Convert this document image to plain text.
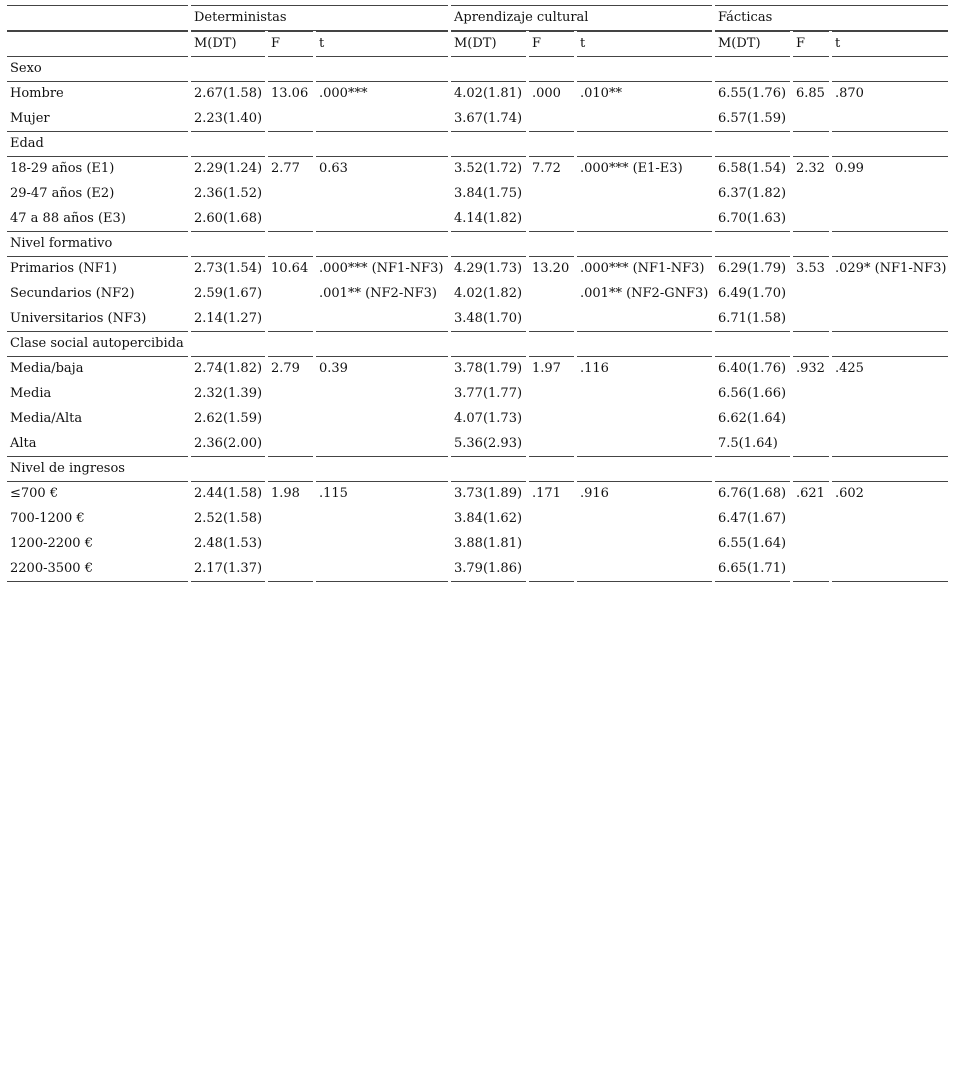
	Deterministas			Aprendizaje cultural			Fácticas		
	M(DT)	F	t	M(DT)	F	t	M(DT)	F	t
Sexo									
Hombre	2.67(1.58)	13.06	.000***	4.02(1.81)	.000	.010**	6.55(1.76)	6.85	.870
Mujer	2.23(1.40)			3.67(1.74)			6.57(1.59)		
Edad									
18-29 años (E1)	2.29(1.24)	2.77	0.63	3.52(1.72)	7.72	.000*** (E1-E3)	6.58(1.54)	2.32	0.99
29-47 años (E2)	2.36(1.52)			3.84(1.75)			6.37(1.82)		
47 a 88 años (E3)	2.60(1.68)			4.14(1.82)			6.70(1.63)		
Nivel formativo									
Primarios (NF1)	2.73(1.54)	10.64	.000*** (NF1-NF3)	4.29(1.73)	13.20	.000*** (NF1-NF3)	6.29(1.79)	3.53	.029* (NF1-NF3)
Secundarios (NF2)	2.59(1.67)		.001** (NF2-NF3)	4.02(1.82)		.001** (NF2-GNF3)	6.49(1.70)		
Universitarios (NF3)	2.14(1.27)			3.48(1.70)			6.71(1.58)		
Clase social autopercibida									
Media/baja	2.74(1.82)	2.79	0.39	3.78(1.79)	1.97	.116	6.40(1.76)	.932	.425
Media	2.32(1.39)			3.77(1.77)			6.56(1.66)		
Media/Alta	2.62(1.59)			4.07(1.73)			6.62(1.64)		
Alta	2.36(2.00)			5.36(2.93)			7.5(1.64)		
Nivel de ingresos									
≤700 €	2.44(1.58)	1.98	.115	3.73(1.89)	.171	.916	6.76(1.68)	.621	.602
700-1200 €	2.52(1.58)			3.84(1.62)			6.47(1.67)		
1200-2200 €	2.48(1.53)			3.88(1.81)			6.55(1.64)		
2200-3500 €	2.17(1.37)			3.79(1.86)			6.65(1.71)		
